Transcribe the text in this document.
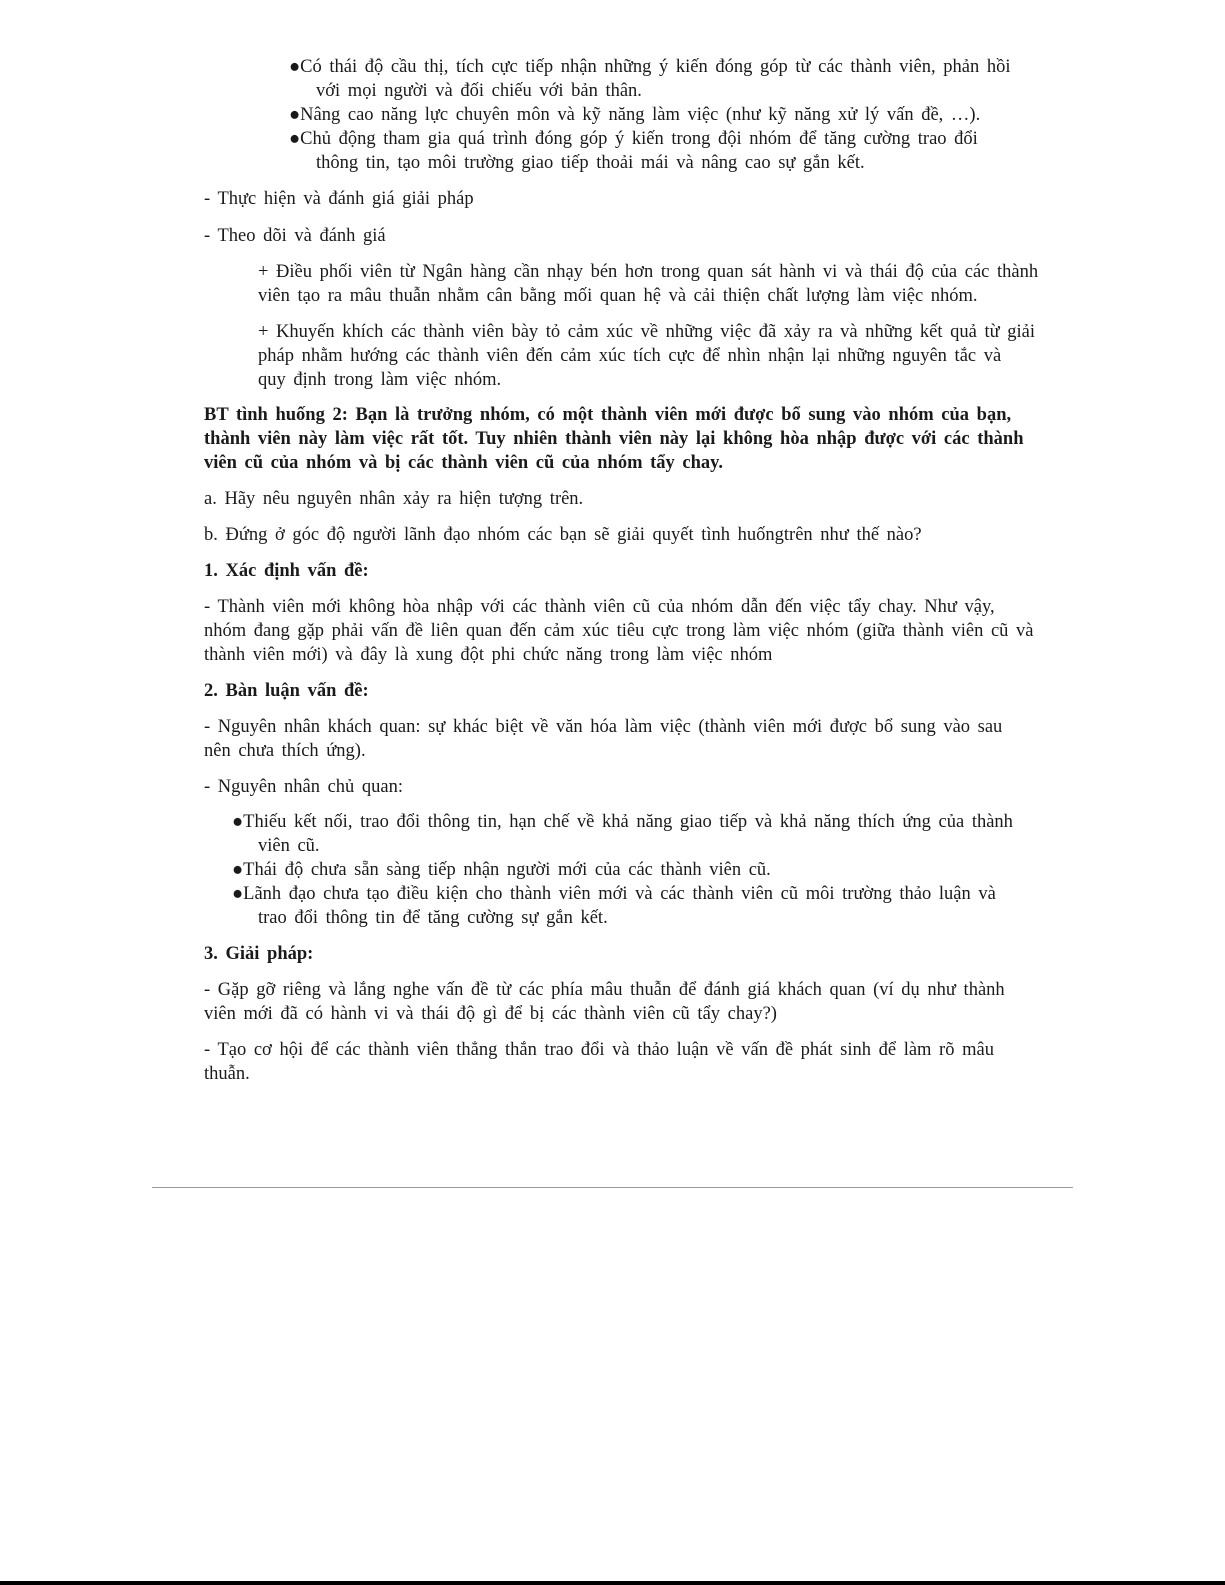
●Có thái độ cầu thị, tích cực tiếp nhận những ý kiến đóng góp từ các thành viên, phản hồi
với mọi người và đối chiếu với bản thân.
●Nâng cao năng lực chuyên môn và kỹ năng làm việc (như kỹ năng xử lý vấn đề, …).
●Chủ động tham gia quá trình đóng góp ý kiến trong đội nhóm để tăng cường trao đổi
thông tin, tạo môi trường giao tiếp thoải mái và nâng cao sự gắn kết.
- Thực hiện và đánh giá giải pháp
- Theo dõi và đánh giá
+ Điều phối viên từ Ngân hàng cần nhạy bén hơn trong quan sát hành vi và thái độ của các thành
viên tạo ra mâu thuẫn nhằm cân bằng mối quan hệ và cải thiện chất lượng làm việc nhóm.
+ Khuyến khích các thành viên bày tỏ cảm xúc về những việc đã xảy ra và những kết quả từ giải
pháp nhằm hướng các thành viên đến cảm xúc tích cực để nhìn nhận lại những nguyên tắc và
quy định trong làm việc nhóm.
BT tình huống 2: Bạn là trưởng nhóm, có một thành viên mới được bổ sung vào nhóm của bạn,
thành viên này làm việc rất tốt. Tuy nhiên thành viên này lại không hòa nhập được với các thành
viên cũ của nhóm và bị các thành viên cũ của nhóm tẩy chay.
a. Hãy nêu nguyên nhân xảy ra hiện tượng trên.
b. Đứng ở góc độ người lãnh đạo nhóm các bạn sẽ giải quyết tình huốngtrên như thế nào?
1. Xác định vấn đề:
- Thành viên mới không hòa nhập với các thành viên cũ của nhóm dẫn đến việc tẩy chay. Như vậy,
nhóm đang gặp phải vấn đề liên quan đến cảm xúc tiêu cực trong làm việc nhóm (giữa thành viên cũ và
thành viên mới) và đây là xung đột phi chức năng trong làm việc nhóm
2. Bàn luận vấn đề:
- Nguyên nhân khách quan: sự khác biệt về văn hóa làm việc (thành viên mới được bổ sung vào sau
nên chưa thích ứng).
- Nguyên nhân chủ quan:
●Thiếu kết nối, trao đổi thông tin, hạn chế về khả năng giao tiếp và khả năng thích ứng của thành
viên cũ.
●Thái độ chưa sẵn sàng tiếp nhận người mới của các thành viên cũ.
●Lãnh đạo chưa tạo điều kiện cho thành viên mới và các thành viên cũ môi trường thảo luận và
trao đổi thông tin để tăng cường sự gắn kết.
3. Giải pháp:
- Gặp gỡ riêng và lắng nghe vấn đề từ các phía mâu thuẫn để đánh giá khách quan (ví dụ như thành
viên mới đã có hành vi và thái độ gì để bị các thành viên cũ tẩy chay?)
- Tạo cơ hội để các thành viên thẳng thắn trao đổi và thảo luận về vấn đề phát sinh để làm rõ mâu
thuẫn.
